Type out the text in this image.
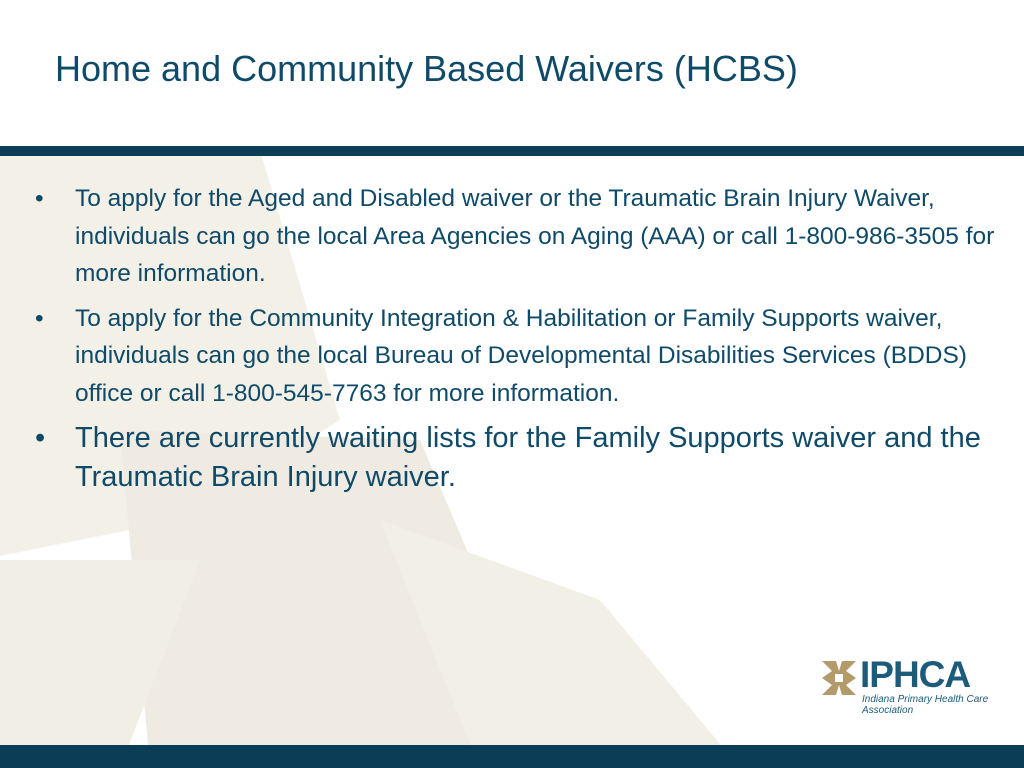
Home and Community Based Waivers (HCBS)
• To apply for the Aged and Disabled waiver or the Traumatic Brain Injury Waiver, individuals can go the local Area Agencies on Aging (AAA) or call 1-800-986-3505 for more information.
• To apply for the Community Integration & Habilitation or Family Supports waiver, individuals can go the local Bureau of Developmental Disabilities Services (BDDS) office or call 1-800-545-7763 for more information.
• There are currently waiting lists for the Family Supports waiver and the Traumatic Brain Injury waiver.
IPHCA
Indiana Primary Health Care Association
